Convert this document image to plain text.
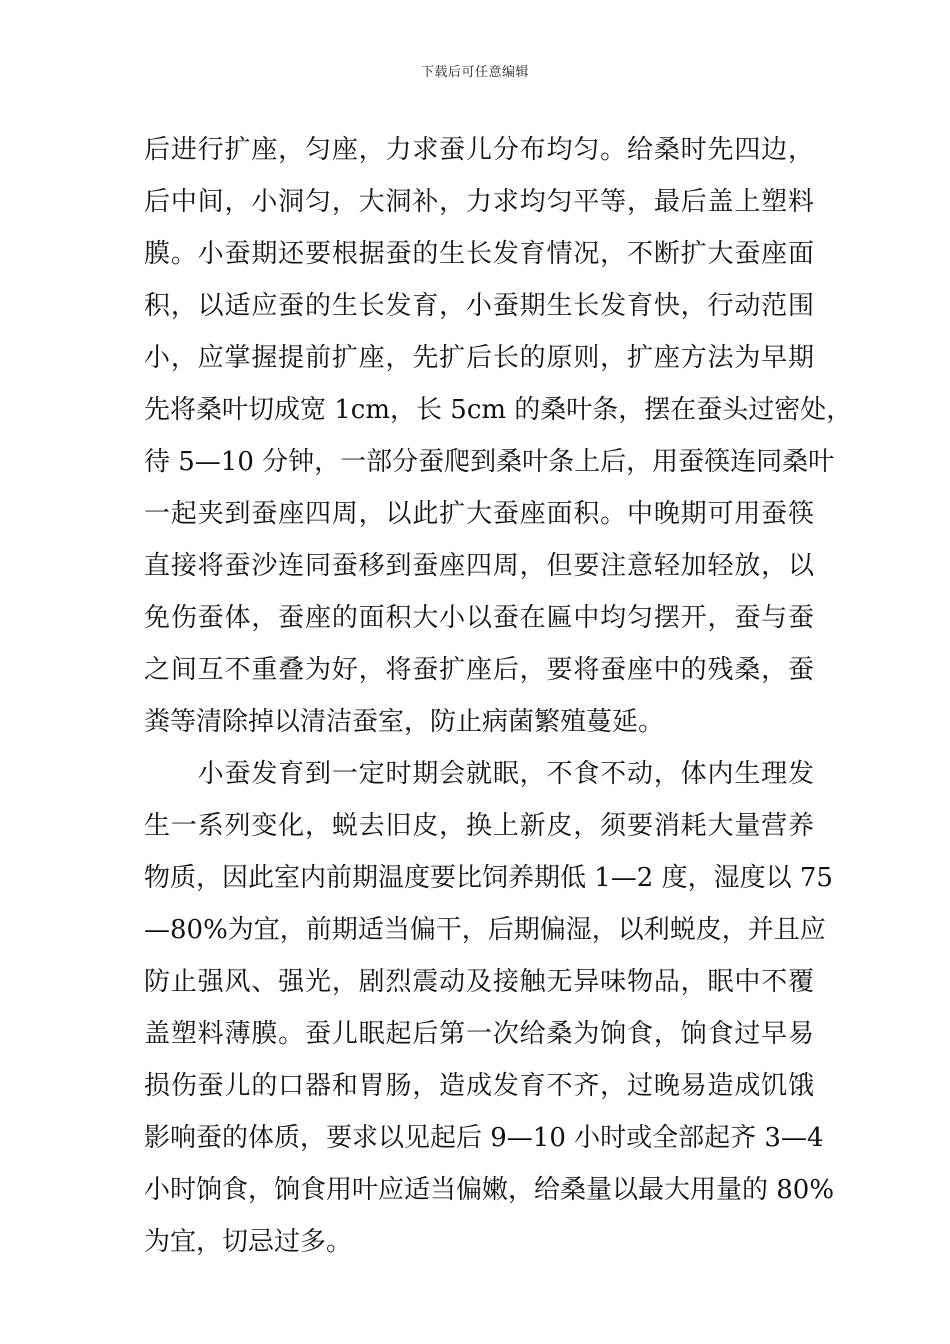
下载后可任意编辑
后进行扩座，匀座，力求蚕儿分布均匀。给桑时先四边，
后中间，小洞匀，大洞补，力求均匀平等，最后盖上塑料
膜。小蚕期还要根据蚕的生长发育情况，不断扩大蚕座面
积，以适应蚕的生长发育，小蚕期生长发育快，行动范围
小，应掌握提前扩座，先扩后长的原则，扩座方法为早期
先将桑叶切成宽 1cm，长 5cm 的桑叶条，摆在蚕头过密处，
待 5—10 分钟，一部分蚕爬到桑叶条上后，用蚕筷连同桑叶
一起夹到蚕座四周，以此扩大蚕座面积。中晚期可用蚕筷
直接将蚕沙连同蚕移到蚕座四周，但要注意轻加轻放，以
免伤蚕体，蚕座的面积大小以蚕在匾中均匀摆开，蚕与蚕
之间互不重叠为好，将蚕扩座后，要将蚕座中的残桑，蚕
粪等清除掉以清洁蚕室，防止病菌繁殖蔓延。
　　小蚕发育到一定时期会就眠，不食不动，体内生理发
生一系列变化，蜕去旧皮，换上新皮，须要消耗大量营养
物质，因此室内前期温度要比饲养期低 1—2 度，湿度以 75
—80%为宜，前期适当偏干，后期偏湿，以利蜕皮，并且应
防止强风、强光，剧烈震动及接触无异味物品，眠中不覆
盖塑料薄膜。蚕儿眠起后第一次给桑为饷食，饷食过早易
损伤蚕儿的口器和胃肠，造成发育不齐，过晚易造成饥饿
影响蚕的体质，要求以见起后 9—10 小时或全部起齐 3—4
小时饷食，饷食用叶应适当偏嫩，给桑量以最大用量的 80%
为宜，切忌过多。
